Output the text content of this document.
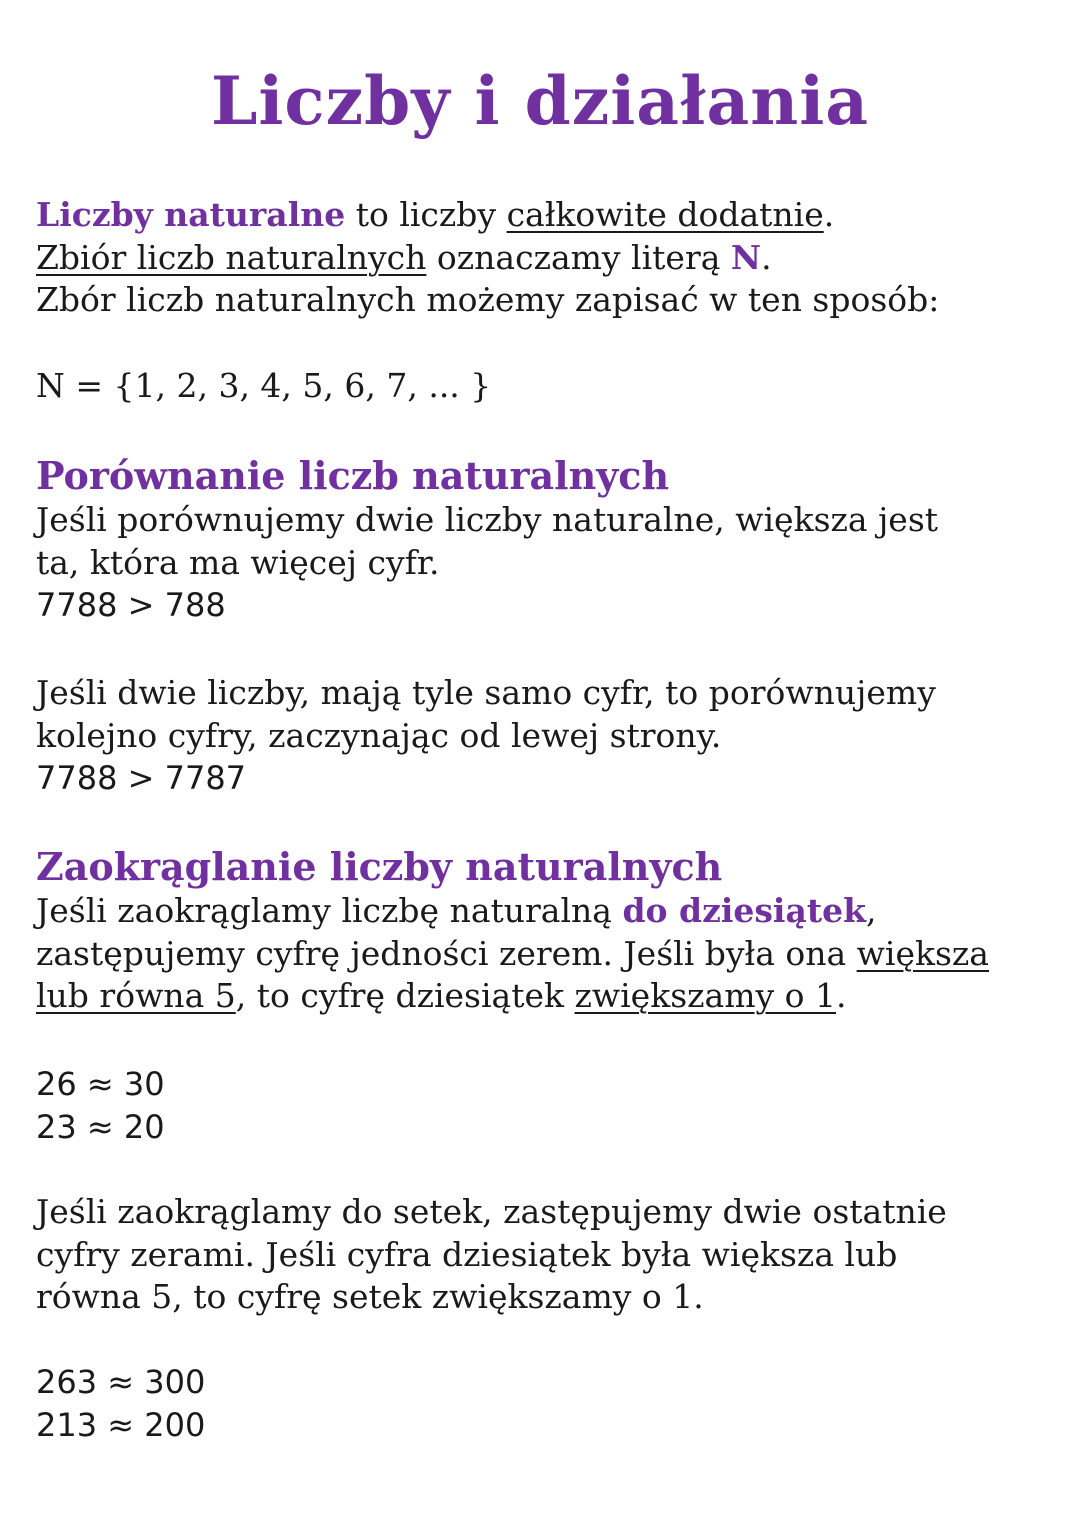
Liczby i działania
Liczby naturalne to liczby całkowite dodatnie.
Zbiór liczb naturalnych oznaczamy literą N.
Zbór liczb naturalnych możemy zapisać w ten sposób:
N = {1, 2, 3, 4, 5, 6, 7, ... }
Porównanie liczb naturalnych
Jeśli porównujemy dwie liczby naturalne, większa jest
ta, która ma więcej cyfr.
7788 > 788
Jeśli dwie liczby, mają tyle samo cyfr, to porównujemy
kolejno cyfry, zaczynając od lewej strony.
7788 > 7787
Zaokrąglanie liczby naturalnych
Jeśli zaokrąglamy liczbę naturalną do dziesiątek,
zastępujemy cyfrę jedności zerem. Jeśli była ona większa
lub równa 5, to cyfrę dziesiątek zwiększamy o 1.
26 ≈ 30
23 ≈ 20
Jeśli zaokrąglamy do setek, zastępujemy dwie ostatnie
cyfry zerami. Jeśli cyfra dziesiątek była większa lub
równa 5, to cyfrę setek zwiększamy o 1.
263 ≈ 300
213 ≈ 200
